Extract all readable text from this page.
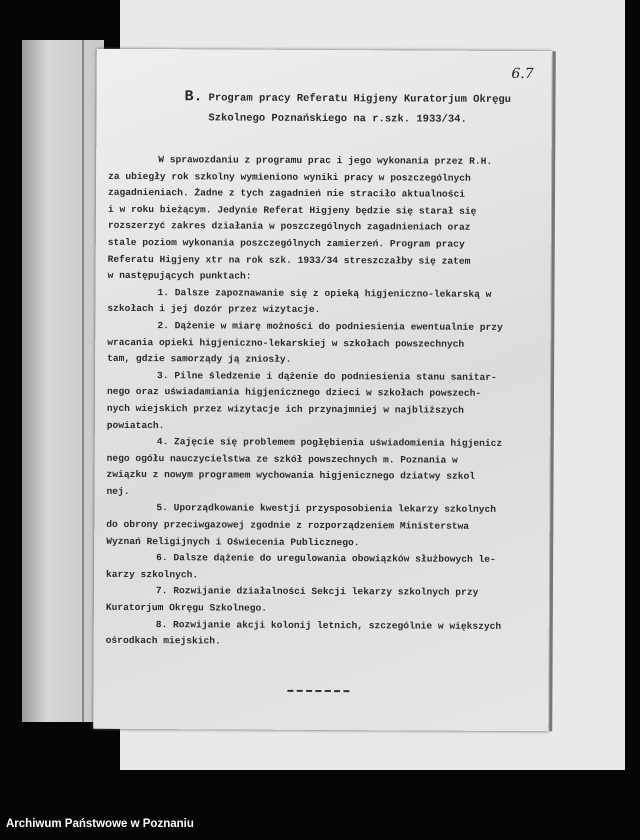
6.7
B. Program pracy Referatu Higjeny Kuratorjum Okręgu
Szkolnego Poznańskiego na r.szk. 1933/34.
W sprawozdaniu z programu prac i jego wykonania przez R.H.
za ubiegły rok szkolny wymieniono wyniki pracy w poszczególnych
zagadnieniach. Żadne z tych zagadnień nie straciło aktualności
i w roku bieżącym. Jedynie Referat Higjeny będzie się starał się
rozszerzyć zakres działania w poszczególnych zagadnieniach oraz
stale poziom wykonania poszczególnych zamierzeń. Program pracy
Referatu Higjeny xtr na rok szk. 1933/34 streszczałby się zatem
w następujących punktach:
1. Dalsze zapoznawanie się z opieką higjeniczno-lekarską w
szkołach i jej dozór przez wizytacje.
2. Dążenie w miarę możności do podniesienia ewentualnie przy
wracania opieki higjeniczno-lekarskiej w szkołach powszechnych
tam, gdzie samorządy ją zniosły.
3. Pilne śledzenie i dążenie do podniesienia stanu sanitar-
nego oraz uświadamiania higjenicznego dzieci w szkołach powszech-
nych wiejskich przez wizytacje ich przynajmniej w najbliższych
powiatach.
4. Zajęcie się problemem pogłębienia uświadomienia higjenicz
nego ogółu nauczycielstwa ze szkół powszechnych m. Poznania w
związku z nowym programem wychowania higjenicznego dziatwy szkol
nej.
5. Uporządkowanie kwestji przysposobienia lekarzy szkolnych
do obrony przeciwgazowej zgodnie z rozporządzeniem Ministerstwa
Wyznań Religijnych i Oświecenia Publicznego.
6. Dalsze dążenie do uregulowania obowiązków służbowych le-
karzy szkolnych.
7. Rozwijanie działalności Sekcji lekarzy szkolnych przy
Kuratorjum Okręgu Szkolnego.
8. Rozwijanie akcji kolonij letnich, szczególnie w większych
ośrodkach miejskich.
Archiwum Państwowe w Poznaniu
